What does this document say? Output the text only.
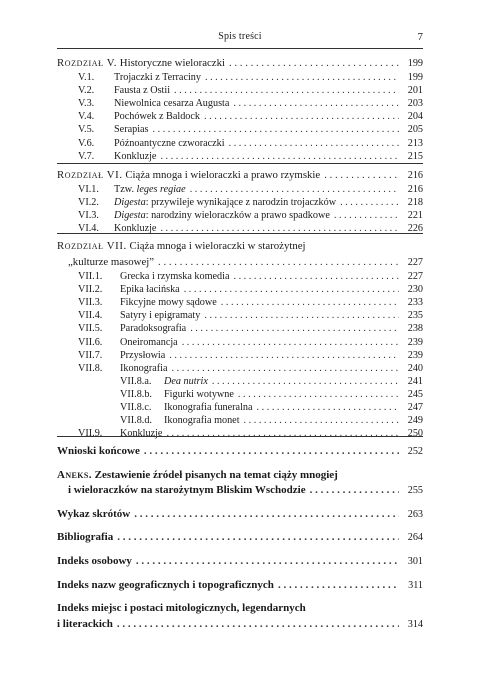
Spis treści	7
Rozdział V. Historyczne wieloraczki . . .	199
V.1.	Trojaczki z Terraciny . . .	199
V.2.	Fausta z Ostii . . .	201
V.3.	Niewolnica cesarza Augusta . . .	203
V.4.	Pochówek z Baldock . . .	204
V.5.	Serapias . . .	205
V.6.	Późnoantyczne czworaczki . . .	213
V.7.	Konkluzje . . .	215
Rozdział VI. Ciąża mnoga i wieloraczki a prawo rzymskie . . .	216
VI.1.	Tzw. leges regiae . . .	216
VI.2.	Digesta: przywileje wynikające z narodzin trojaczków . . .	218
VI.3.	Digesta: narodziny wieloraczków a prawo spadkowe . . .	221
VI.4.	Konkluzje . . .	226
Rozdział VII. Ciąża mnoga i wieloraczki w starożytnej
„kulturze masowej” . . .	227
VII.1.	Grecka i rzymska komedia . . .	227
VII.2.	Epika łacińska . . .	230
VII.3.	Fikcyjne mowy sądowe . . .	233
VII.4.	Satyry i epigramaty . . .	235
VII.5.	Paradoksografia . . .	238
VII.6.	Oneiromancja . . .	239
VII.7.	Przysłowia . . .	239
VII.8.	Ikonografia . . .	240
VII.8.a.	Dea nutrix . . .	241
VII.8.b.	Figurki wotywne . . .	245
VII.8.c.	Ikonografia funeralna . . .	247
VII.8.d.	Ikonografia monet . . .	249
VII.9.	Konkluzje . . .	250
Wnioski końcowe . . .	252
Aneks. Zestawienie źródeł pisanych na temat ciąży mnogiej
i wieloraczków na starożytnym Bliskim Wschodzie . . .	255
Wykaz skrótów . . .	263
Bibliografia . . .	264
Indeks osobowy . . .	301
Indeks nazw geograficznych i topograficznych . . .	311
Indeks miejsc i postaci mitologicznych, legendarnych
i literackich . . .	314
